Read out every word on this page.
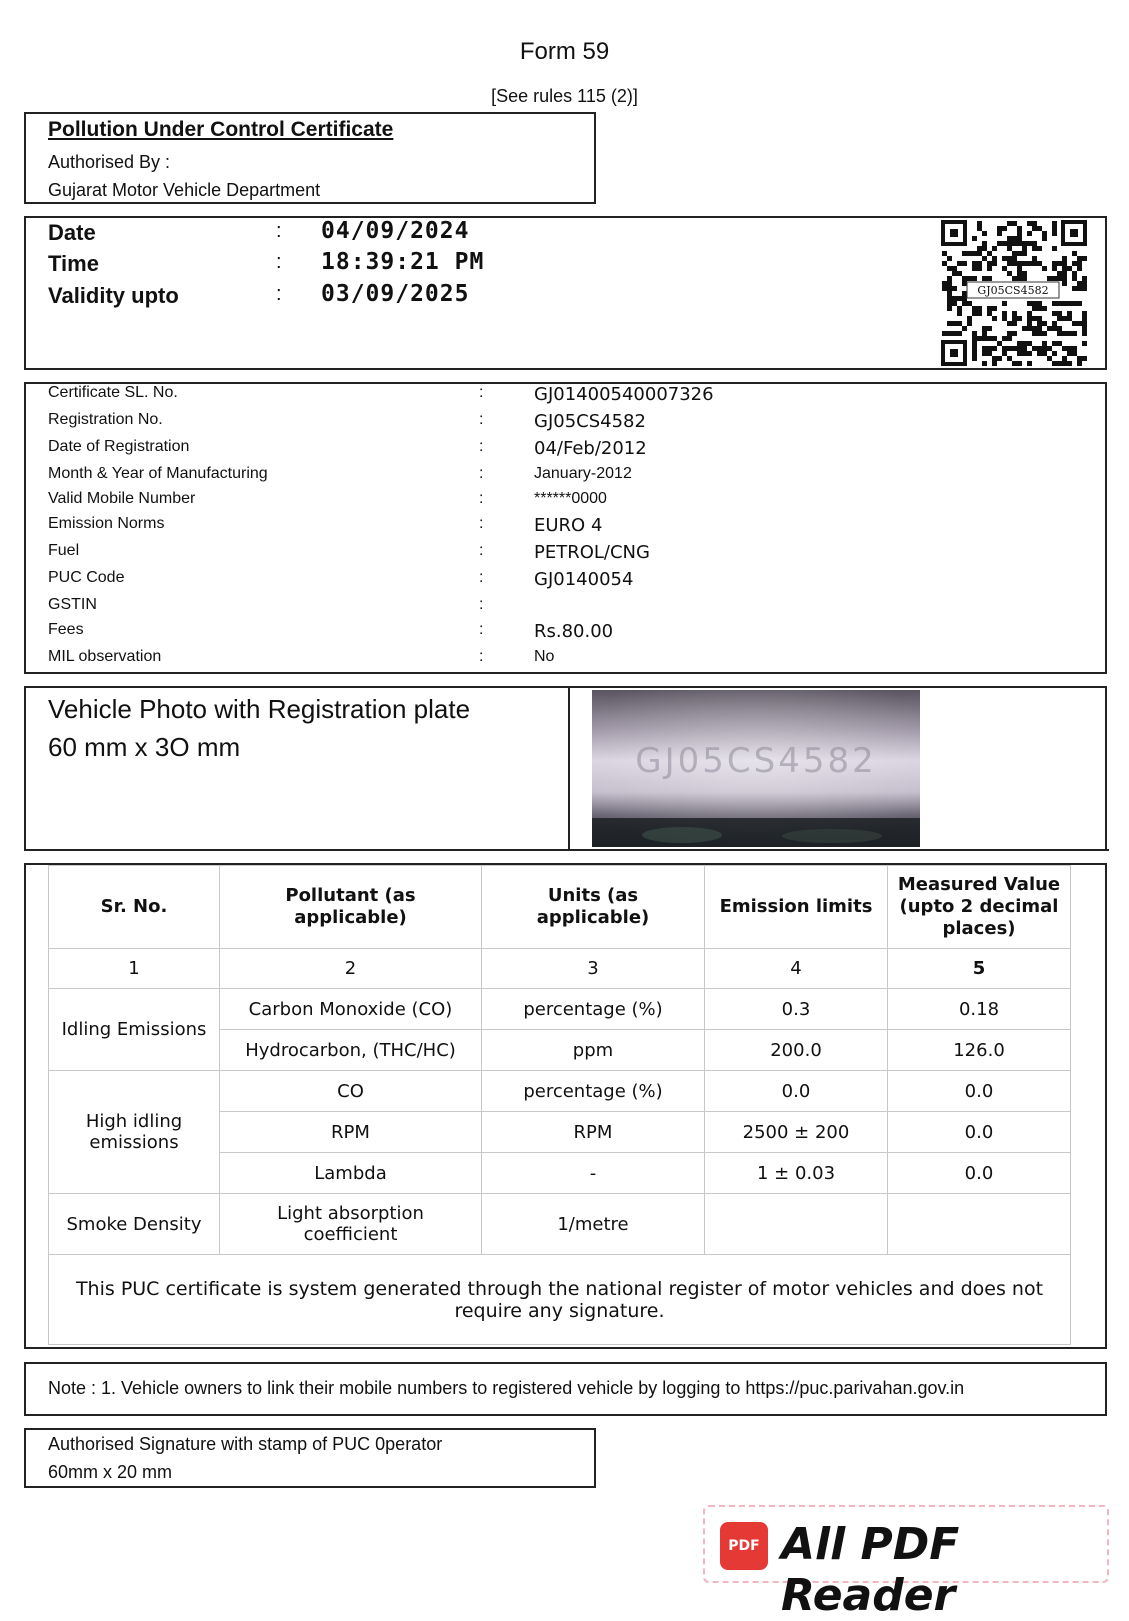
Form 59
[See rules 115 (2)]
Pollution Under Control Certificate
Authorised By :
Gujarat Motor Vehicle Department
Date	: 04/09/2024
Time	: 18:39:21 PM
Validity upto	: 03/09/2025	GJ05CS4582
Certificate SL. No.	:	GJ01400540007326
Registration No.	:	GJ05CS4582
Date of Registration	:	04/Feb/2012
Month & Year of Manufacturing	:	January-2012
Valid Mobile Number	:	******0000
Emission Norms	:	EURO 4
Fuel	:	PETROL/CNG
PUC Code	:	GJ0140054
GSTIN	:
Fees	:	Rs.80.00
MIL observation	:	No
Vehicle Photo with Registration plate
60 mm x 3O mm	GJ05CS4582
Sr. No.	Pollutant (as applicable)	Units (as applicable)	Emission limits	Measured Value (upto 2 decimal places)
1	2	3	4	5
Idling Emissions	Carbon Monoxide (CO)	percentage (%)	0.3	0.18
	Hydrocarbon, (THC/HC)	ppm	200.0	126.0
High idling emissions	CO	percentage (%)	0.0	0.0
	RPM	RPM	2500 ± 200	0.0
	Lambda	-	1 ± 0.03	0.0
Smoke Density	Light absorption coefficient	1/metre		
This PUC certificate is system generated through the national register of motor vehicles and does not require any signature.				
Note : 1. Vehicle owners to link their mobile numbers to registered vehicle by logging to https://puc.parivahan.gov.in
Authorised Signature with stamp of PUC 0perator
60mm x 20 mm
PDF All PDF Reader
